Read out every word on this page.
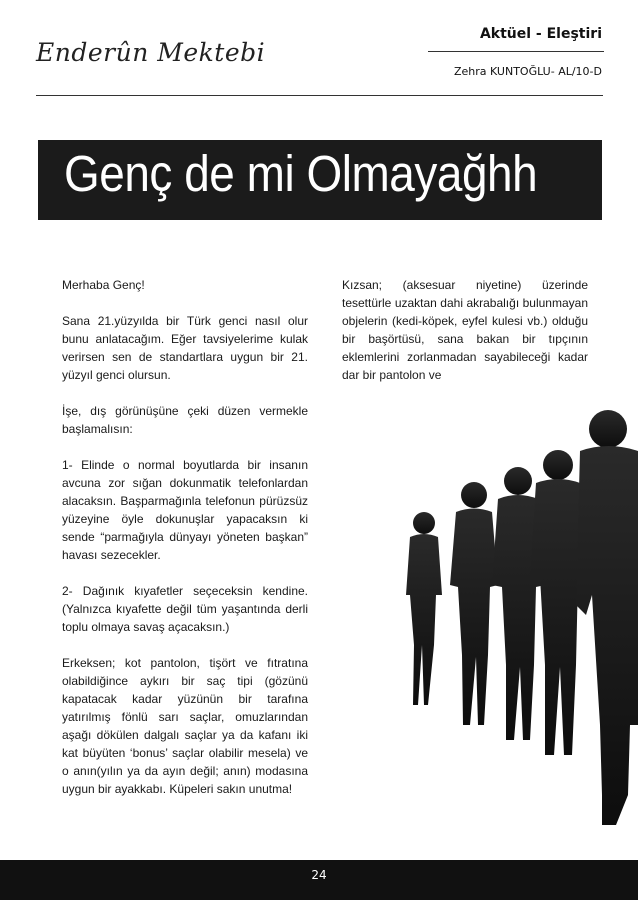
Enderûn Mektebi
Aktüel - Eleştiri
Zehra KUNTOĞLU- AL/10-D
Genç de mi Olmayağhh

Merhaba Genç!

Sana 21.yüzyılda bir Türk genci nasıl olur bunu anlatacağım. Eğer tavsiyelerime kulak verirsen sen de standartlara uygun bir 21. yüzyıl genci olursun.

İşe, dış görünüşüne çeki düzen vermekle başlamalısın:

1- Elinde o normal boyutlarda bir insanın avcuna zor sığan dokunmatik telefonlardan alacaksın. Başparmağınla telefonun pürüzsüz yüzeyine öyle dokunuşlar yapacaksın ki sende “parmağıyla dünyayı yöneten başkan” havası sezecekler.

2- Dağınık kıyafetler seçeceksin kendine.(Yalnızca kıyafette değil tüm yaşantında derli toplu olmaya savaş açacaksın.)

Erkeksen; kot pantolon, tişört ve fıtratına olabildiğince aykırı bir saç tipi (gözünü kapatacak kadar yüzünün bir tarafına yatırılmış fönlü sarı saçlar, omuzlarından aşağı dökülen dalgalı saçlar ya da kafanı iki kat büyüten ‘bonus’ saçlar olabilir mesela) ve o anın(yılın ya da ayın değil; anın) modasına uygun bir ayakkabı. Küpeleri sakın unutma!

Kızsan; (aksesuar niyetine) üzerinde tesettürle uzaktan dahi akrabalığı bulunmayan objelerin (kedi-köpek, eyfel kulesi vb.) olduğu bir başörtüsü, sana bakan bir tıpçının eklemlerini zorlanmadan sayabileceği kadar dar bir pantolon ve

24
